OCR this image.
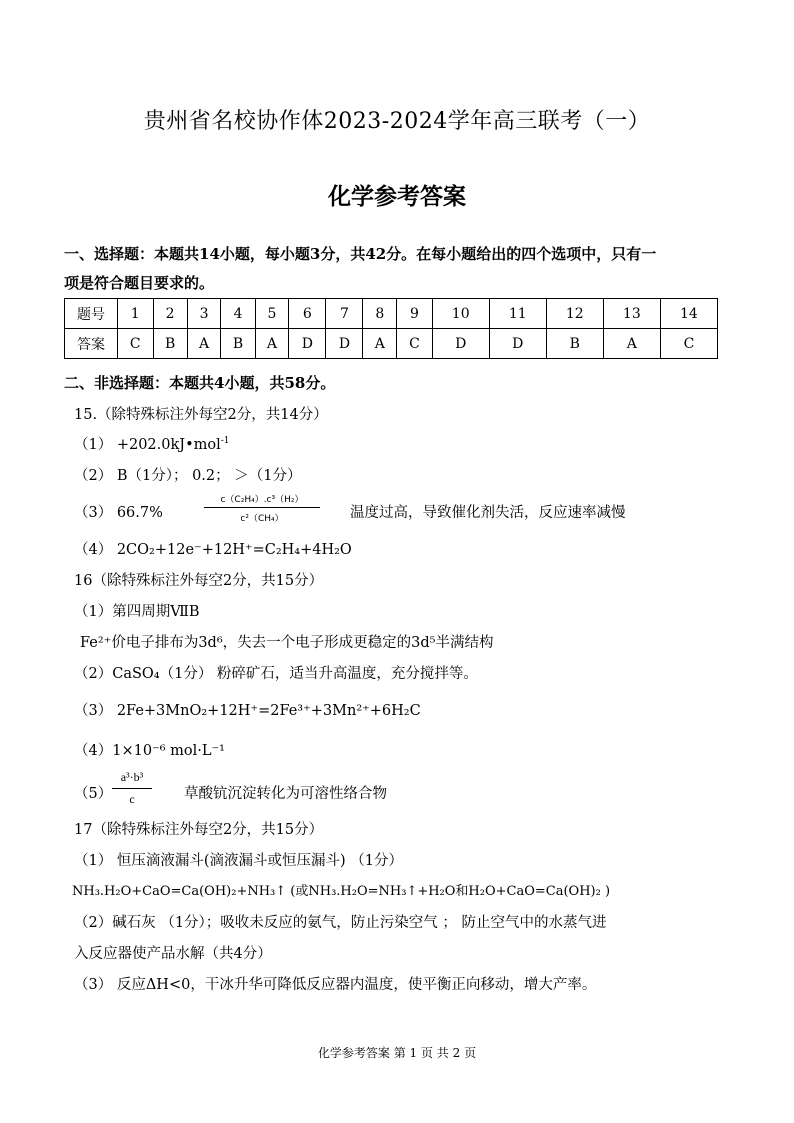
贵州省名校协作体2023-2024学年高三联考（一）
化学参考答案
一、选择题：本题共14小题，每小题3分，共42分。在每小题给出的四个选项中，只有一
项是符合题目要求的。
题号	1	2	3	4	5	6	7	8	9	10	11	12	13	14
答案	C	B	A	B	A	D	D	A	C	D	D	B	A	C
二、非选择题：本题共4小题，共58分。
15.（除特殊标注外每空2分，共14分）
（1） +202.0kJ•mol$^{-1}$
（2） B（1分）； 0.2； ＞（1分）
（3） 66.7%
c（C₂H₄）.c³（H₂）
c²（CH₄）	温度过高，导致催化剂失活，反应速率减慢
（4） 2CO₂+12e⁻+12H⁺=C₂H₄+4H₂O
16（除特殊标注外每空2分，共15分）
（1）第四周期ⅦB
Fe²⁺价电子排布为3d⁶，失去一个电子形成更稳定的3d⁵半满结构
（2）CaSO₄（1分） 粉碎矿石，适当升高温度，充分搅拌等。
（3） 2Fe+3MnO₂+12H⁺=2Fe³⁺+3Mn²⁺+6H₂C
（4）1×10⁻⁶ mol·L⁻¹
（5）
a³·b³
c	草酸钪沉淀转化为可溶性络合物
17（除特殊标注外每空2分，共15分）
（1） 恒压滴液漏斗(滴液漏斗或恒压漏斗) （1分）
NH₃.H₂O+CaO=Ca(OH)₂+NH₃↑ (或NH₃.H₂O=NH₃↑+H₂O和H₂O+CaO=Ca(OH)₂ )
（2）碱石灰 （1分）；吸收未反应的氨气，防止污染空气 ； 防止空气中的水蒸气进
入反应器使产品水解（共4分）
（3） 反应ΔH<0，干冰升华可降低反应器内温度，使平衡正向移动，增大产率。
化学参考答案 第 1 页 共 2 页
